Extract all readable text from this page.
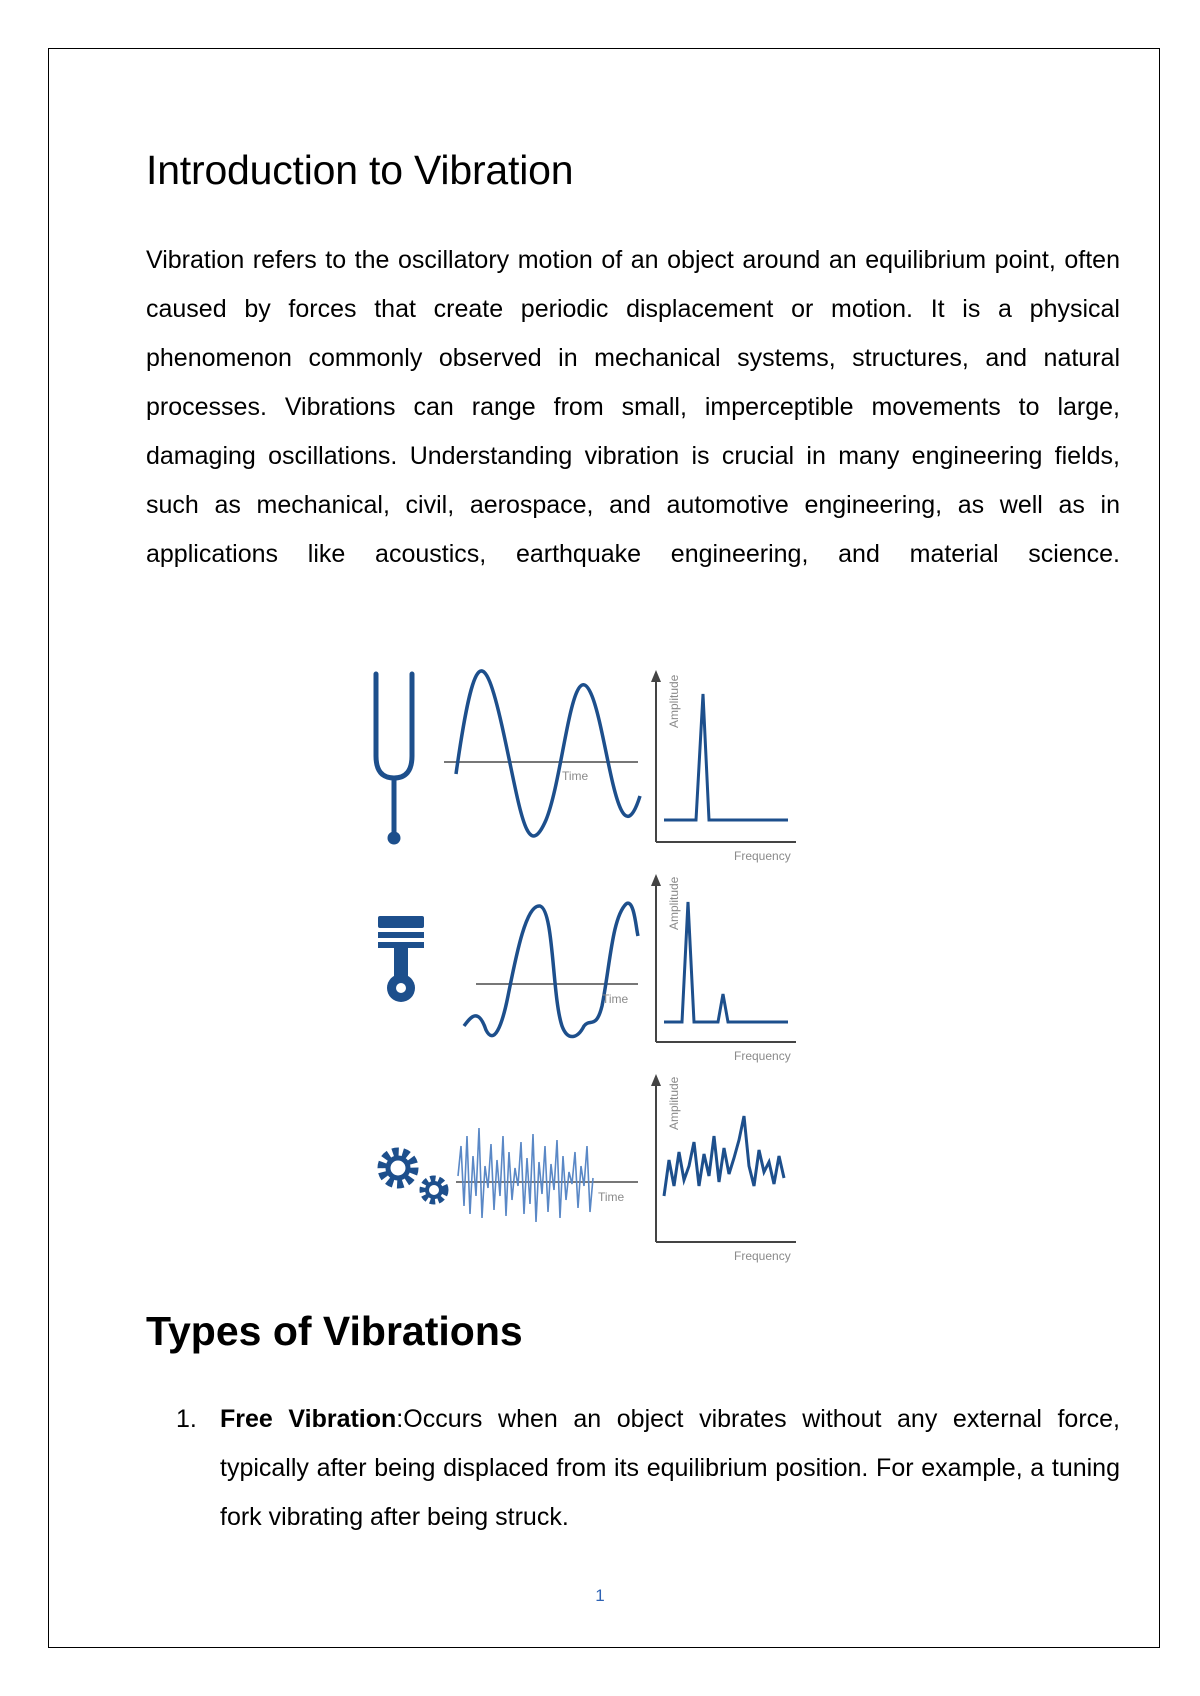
Introduction to Vibration

Vibration refers to the oscillatory motion of an object around an equilibrium point, often caused by forces that create periodic displacement or motion. It is a physical phenomenon commonly observed in mechanical systems, structures, and natural processes. Vibrations can range from small, imperceptible movements to large, damaging oscillations. Understanding vibration is crucial in many engineering fields, such as mechanical, civil, aerospace, and automotive engineering, as well as in applications like acoustics, earthquake engineering, and material science.

Time
Amplitude
Frequency
Time
Amplitude
Frequency
Time
Amplitude
Frequency
Types of Vibrations
1. Free Vibration:Occurs when an object vibrates without any external force, typically after being displaced from its equilibrium position. For example, a tuning fork vibrating after being struck.
1
